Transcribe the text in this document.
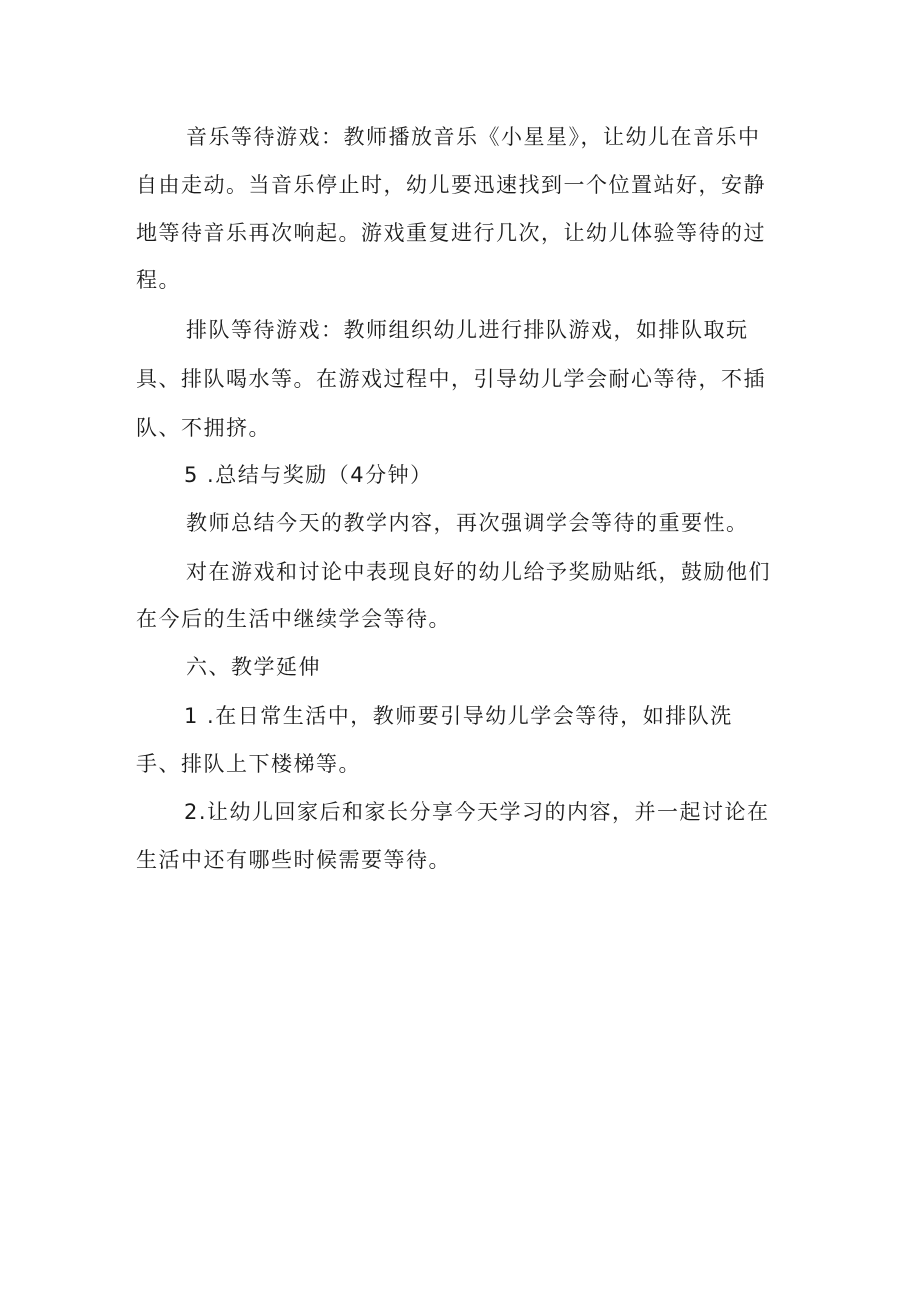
音乐等待游戏：教师播放音乐《小星星》，让幼儿在音乐中
自由走动。当音乐停止时，幼儿要迅速找到一个位置站好，安静
地等待音乐再次响起。游戏重复进行几次，让幼儿体验等待的过
程。
排队等待游戏：教师组织幼儿进行排队游戏，如排队取玩
具、排队喝水等。在游戏过程中，引导幼儿学会耐心等待，不插
队、不拥挤。
5 .总结与奖励（4分钟）
教师总结今天的教学内容，再次强调学会等待的重要性。
对在游戏和讨论中表现良好的幼儿给予奖励贴纸，鼓励他们
在今后的生活中继续学会等待。
六、教学延伸
1 .在日常生活中，教师要引导幼儿学会等待，如排队洗
手、排队上下楼梯等。
2.让幼儿回家后和家长分享今天学习的内容，并一起讨论在
生活中还有哪些时候需要等待。
